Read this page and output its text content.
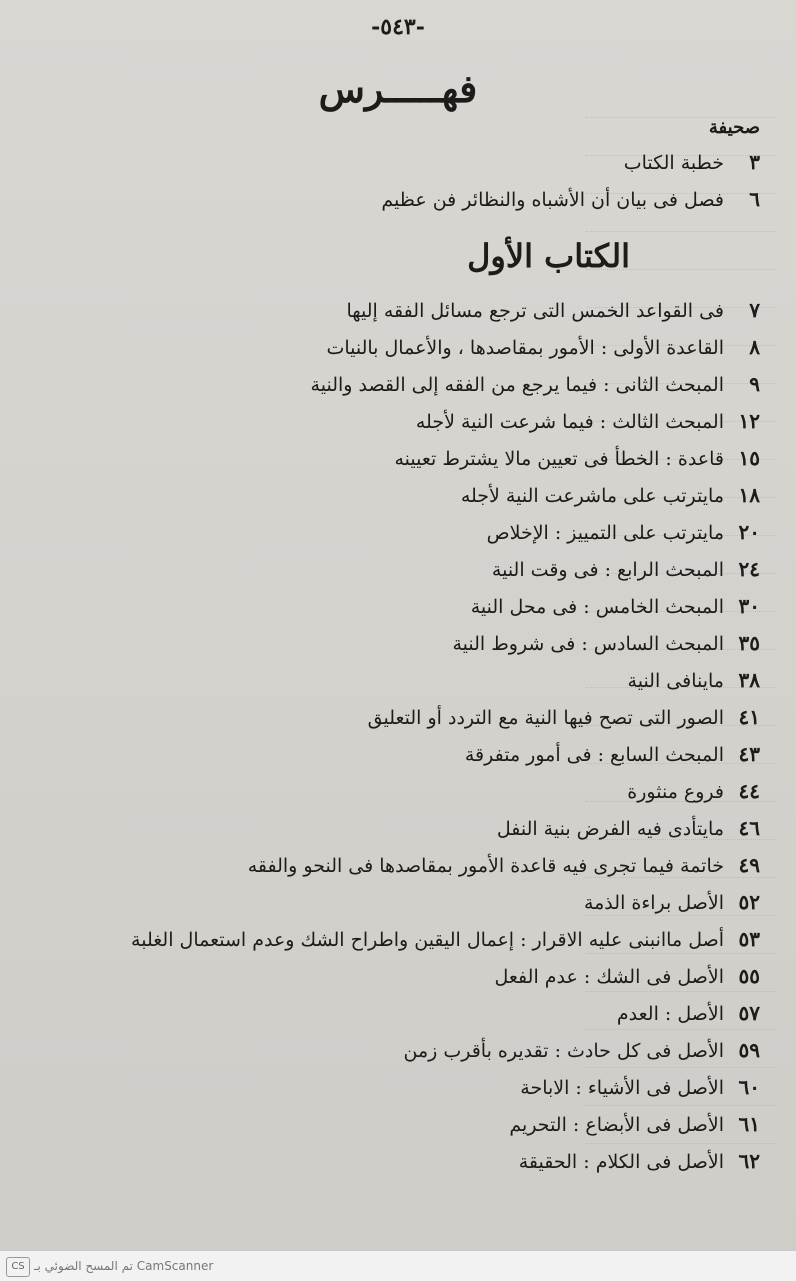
-٥٤٣-
فهـــــرس
صحيفة
٣
خطبة الكتاب
٦
فصل فى بيان أن الأشباه والنظائر فن عظيم
الكتاب الأول
٧
فى القواعد الخمس التى ترجع مسائل الفقه إليها
٨
القاعدة الأولى : الأمور بمقاصدها ، والأعمال بالنيات
٩
المبحث الثانى : فيما يرجع من الفقه إلى القصد والنية
١٢
المبحث الثالث : فيما شرعت النية لأجله
١٥
قاعدة : الخطأ فى تعيين مالا يشترط تعيينه
١٨
مايترتب على ماشرعت النية لأجله
٢٠
مايترتب على التمييز : الإخلاص
٢٤
المبحث الرابع : فى وقت النية
٣٠
المبحث الخامس : فى محل النية
٣٥
المبحث السادس : فى شروط النية
٣٨
ماينافى النية
٤١
الصور التى تصح فيها النية مع التردد أو التعليق
٤٣
المبحث السابع : فى أمور متفرقة
٤٤
فروع منثورة
٤٦
مايتأدى فيه الفرض بنية النفل
٤٩
خاتمة فيما تجرى فيه قاعدة الأمور بمقاصدها فى النحو والفقه
٥٢
الأصل براءة الذمة
٥٣
أصل ماانبنى عليه الاقرار : إعمال اليقين واطراح الشك وعدم استعمال الغلبة
٥٥
الأصل فى الشك : عدم الفعل
٥٧
الأصل : العدم
٥٩
الأصل فى كل حادث : تقديره بأقرب زمن
٦٠
الأصل فى الأشياء : الاباحة
٦١
الأصل فى الأبضاع : التحريم
٦٢
الأصل فى الكلام : الحقيقة
CS تم المسح الضوئي بـ CamScanner
